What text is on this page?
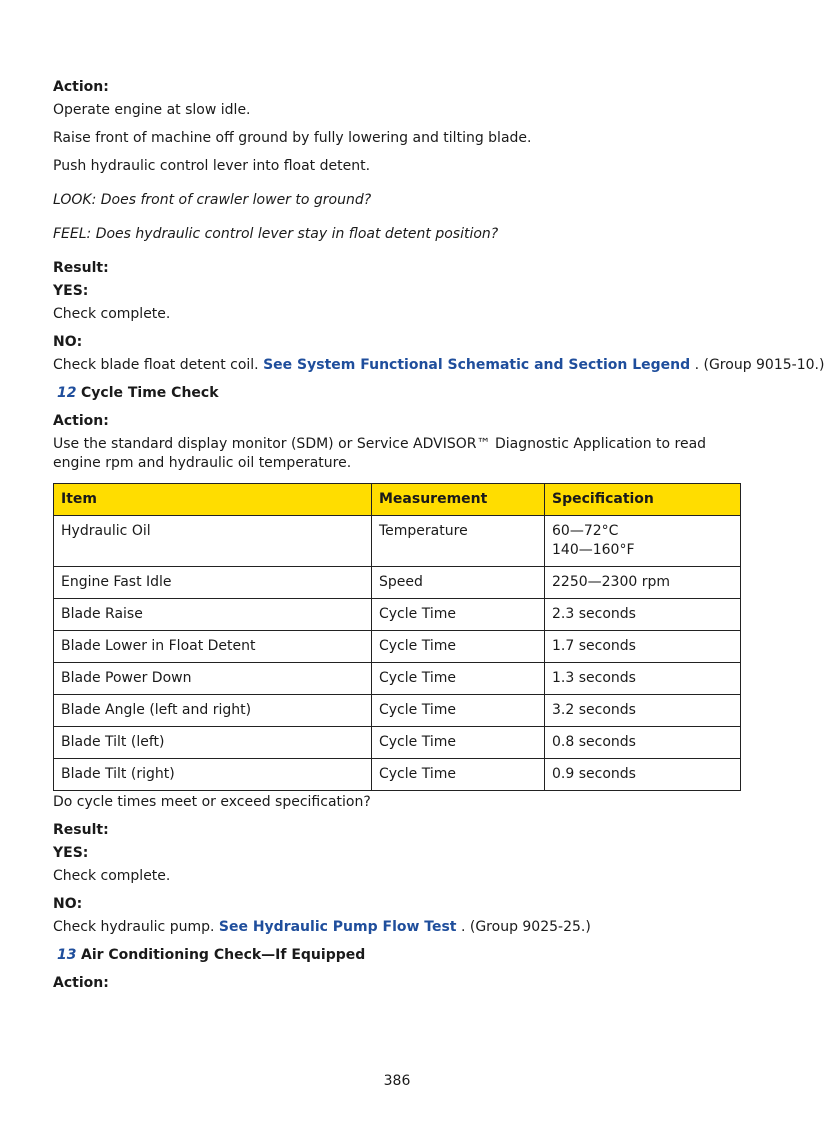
Action:

Operate engine at slow idle.

Raise front of machine off ground by fully lowering and tilting blade.

Push hydraulic control lever into float detent.

LOOK: Does front of crawler lower to ground?

FEEL: Does hydraulic control lever stay in float detent position?

Result:

YES:

Check complete.

NO:

Check blade float detent coil. See System Functional Schematic and Section Legend . (Group 9015-10.)

12 Cycle Time Check

Action:

Use the standard display monitor (SDM) or Service ADVISOR™ Diagnostic Application to read engine rpm and hydraulic oil temperature.

Item	Measurement	Specification
Hydraulic Oil	Temperature	60—72°C
140—160°F

Engine Fast Idle	Speed	2250—2300 rpm
Blade Raise	Cycle Time	2.3 seconds
Blade Lower in Float Detent	Cycle Time	1.7 seconds
Blade Power Down	Cycle Time	1.3 seconds
Blade Angle (left and right)	Cycle Time	3.2 seconds
Blade Tilt (left)	Cycle Time	0.8 seconds
Blade Tilt (right)	Cycle Time	0.9 seconds

Do cycle times meet or exceed specification?

Result:

YES:

Check complete.

NO:

Check hydraulic pump. See Hydraulic Pump Flow Test . (Group 9025-25.)

13 Air Conditioning Check—If Equipped

Action:

386
